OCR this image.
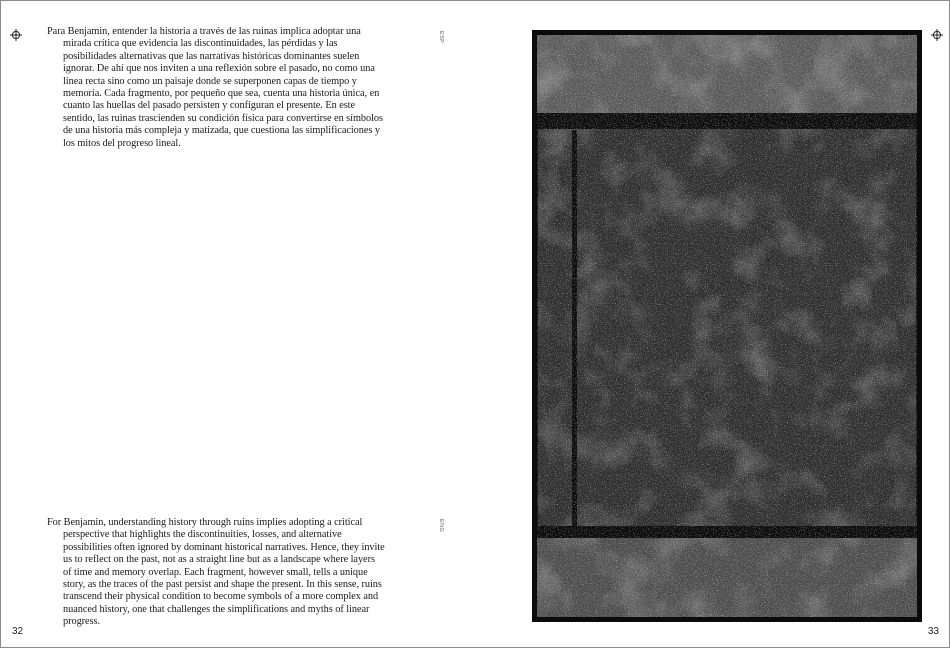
Para Benjamin, entender la historia a través de las ruinas implica adoptar una mirada crítica que evidencia las discontinuidades, las pérdidas y las posibilidades alternativas que las narrativas históricas dominantes suelen ignorar. De ahí que nos inviten a una reflexión sobre el pasado, no como una línea recta sino como un paisaje donde se superponen capas de tiempo y memoria. Cada fragmento, por pequeño que sea, cuenta una historia única, en cuanto las huellas del pasado persisten y configuran el presente. En este sentido, las ruinas trascienden su condición física para convertirse en símbolos de una historia más compleja y matizada, que cuestiona las simplificaciones y los mitos del progreso lineal.

ESP

For Benjamin, understanding history through ruins implies adopting a critical perspective that highlights the discontinuities, losses, and alternative possibilities often ignored by dominant historical narratives. Hence, they invite us to reflect on the past, not as a straight line but as a landscape where layers of time and memory overlap. Each fragment, however small, tells a unique story, as the traces of the past persist and shape the present. In this sense, ruins transcend their physical condition to become symbols of a more complex and nuanced history, one that challenges the simplifications and myths of linear progress.

ENG
32	33
